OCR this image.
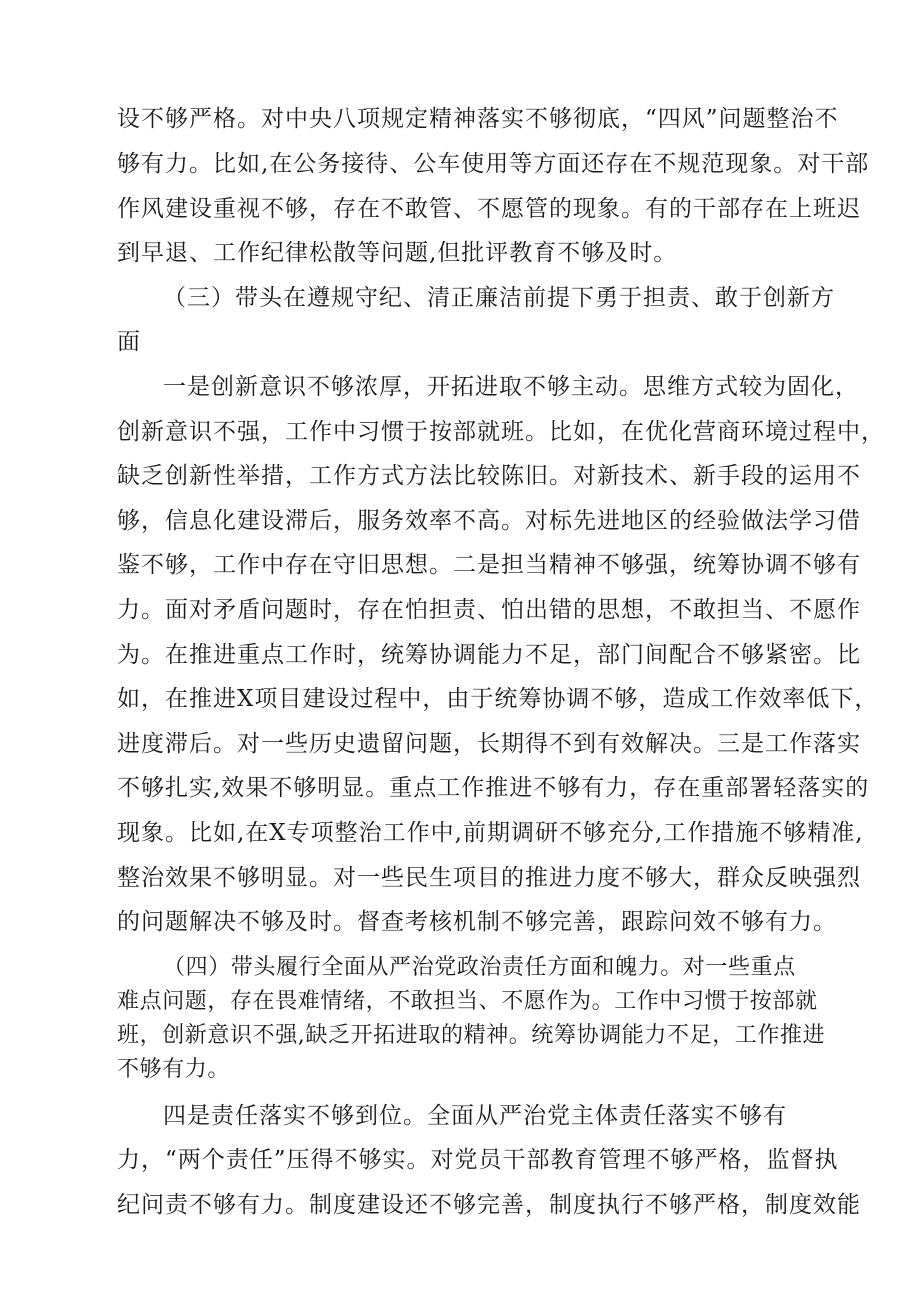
设不够严格。对中央八项规定精神落实不够彻底，“四风”问题整治不
够有力。比如,在公务接待、公车使用等方面还存在不规范现象。对干部
作风建设重视不够，存在不敢管、不愿管的现象。有的干部存在上班迟
到早退、工作纪律松散等问题,但批评教育不够及时。
（三）带头在遵规守纪、清正廉洁前提下勇于担责、敢于创新方
面
一是创新意识不够浓厚，开拓进取不够主动。思维方式较为固化，
创新意识不强，工作中习惯于按部就班。比如，在优化营商环境过程中，
缺乏创新性举措，工作方式方法比较陈旧。对新技术、新手段的运用不
够，信息化建设滞后，服务效率不高。对标先进地区的经验做法学习借
鉴不够，工作中存在守旧思想。二是担当精神不够强，统筹协调不够有
力。面对矛盾问题时，存在怕担责、怕出错的思想，不敢担当、不愿作
为。在推进重点工作时，统筹协调能力不足，部门间配合不够紧密。比
如，在推进X项目建设过程中，由于统筹协调不够，造成工作效率低下，
进度滞后。对一些历史遗留问题，长期得不到有效解决。三是工作落实
不够扎实,效果不够明显。重点工作推进不够有力，存在重部署轻落实的
现象。比如,在X专项整治工作中,前期调研不够充分,工作措施不够精准,
整治效果不够明显。对一些民生项目的推进力度不够大，群众反映强烈
的问题解决不够及时。督查考核机制不够完善，跟踪问效不够有力。
（四）带头履行全面从严治党政治责任方面和魄力。对一些重点
难点问题，存在畏难情绪，不敢担当、不愿作为。工作中习惯于按部就
班，创新意识不强,缺乏开拓进取的精神。统筹协调能力不足，工作推进
不够有力。
四是责任落实不够到位。全面从严治党主体责任落实不够有
力，“两个责任”压得不够实。对党员干部教育管理不够严格，监督执
纪问责不够有力。制度建设还不够完善，制度执行不够严格，制度效能
